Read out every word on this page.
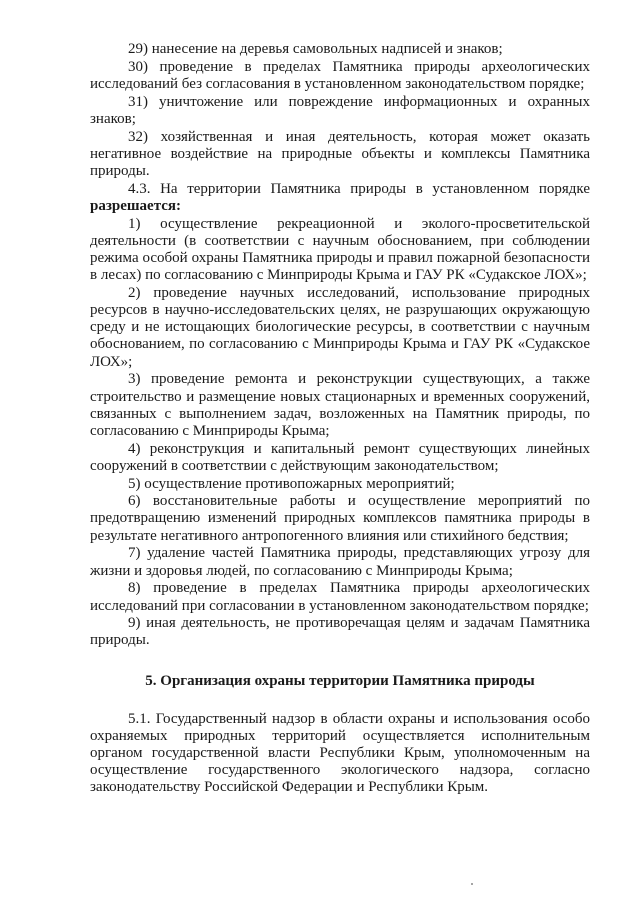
29) нанесение на деревья самовольных надписей и знаков;

30) проведение в пределах Памятника природы археологических исследований без согласования в установленном законодательством порядке;

31) уничтожение или повреждение информационных и охранных знаков;

32) хозяйственная и иная деятельность, которая может оказать негативное воздействие на природные объекты и комплексы Памятника природы.

4.3. На территории Памятника природы в установленном порядке разрешается:

1) осуществление рекреационной и эколого-просветительской деятельности (в соответствии с научным обоснованием, при соблюдении режима особой охраны Памятника природы и правил пожарной безопасности в лесах) по согласованию с Минприроды Крыма и ГАУ РК «Судакское ЛОХ»;

2) проведение научных исследований, использование природных ресурсов в научно-исследовательских целях, не разрушающих окружающую среду и не истощающих биологические ресурсы, в соответствии с научным обоснованием, по согласованию с Минприроды Крыма и ГАУ РК «Судакское ЛОХ»;

3) проведение ремонта и реконструкции существующих, а также строительство и размещение новых стационарных и временных сооружений, связанных с выполнением задач, возложенных на Памятник природы, по согласованию с Минприроды Крыма;

4) реконструкция и капитальный ремонт существующих линейных сооружений в соответствии с действующим законодательством;

5) осуществление противопожарных мероприятий;

6) восстановительные работы и осуществление мероприятий по предотвращению изменений природных комплексов памятника природы в результате негативного антропогенного влияния или стихийного бедствия;

7) удаление частей Памятника природы, представляющих угрозу для жизни и здоровья людей, по согласованию с Минприроды Крыма;

8) проведение в пределах Памятника природы археологических исследований при согласовании в установленном законодательством порядке;

9) иная деятельность, не противоречащая целям и задачам Памятника природы.

5. Организация охраны территории Памятника природы

5.1. Государственный надзор в области охраны и использования особо охраняемых природных территорий осуществляется исполнительным органом государственной власти Республики Крым, уполномоченным на осуществление государственного экологического надзора, согласно законодательству Российской Федерации и Республики Крым.
